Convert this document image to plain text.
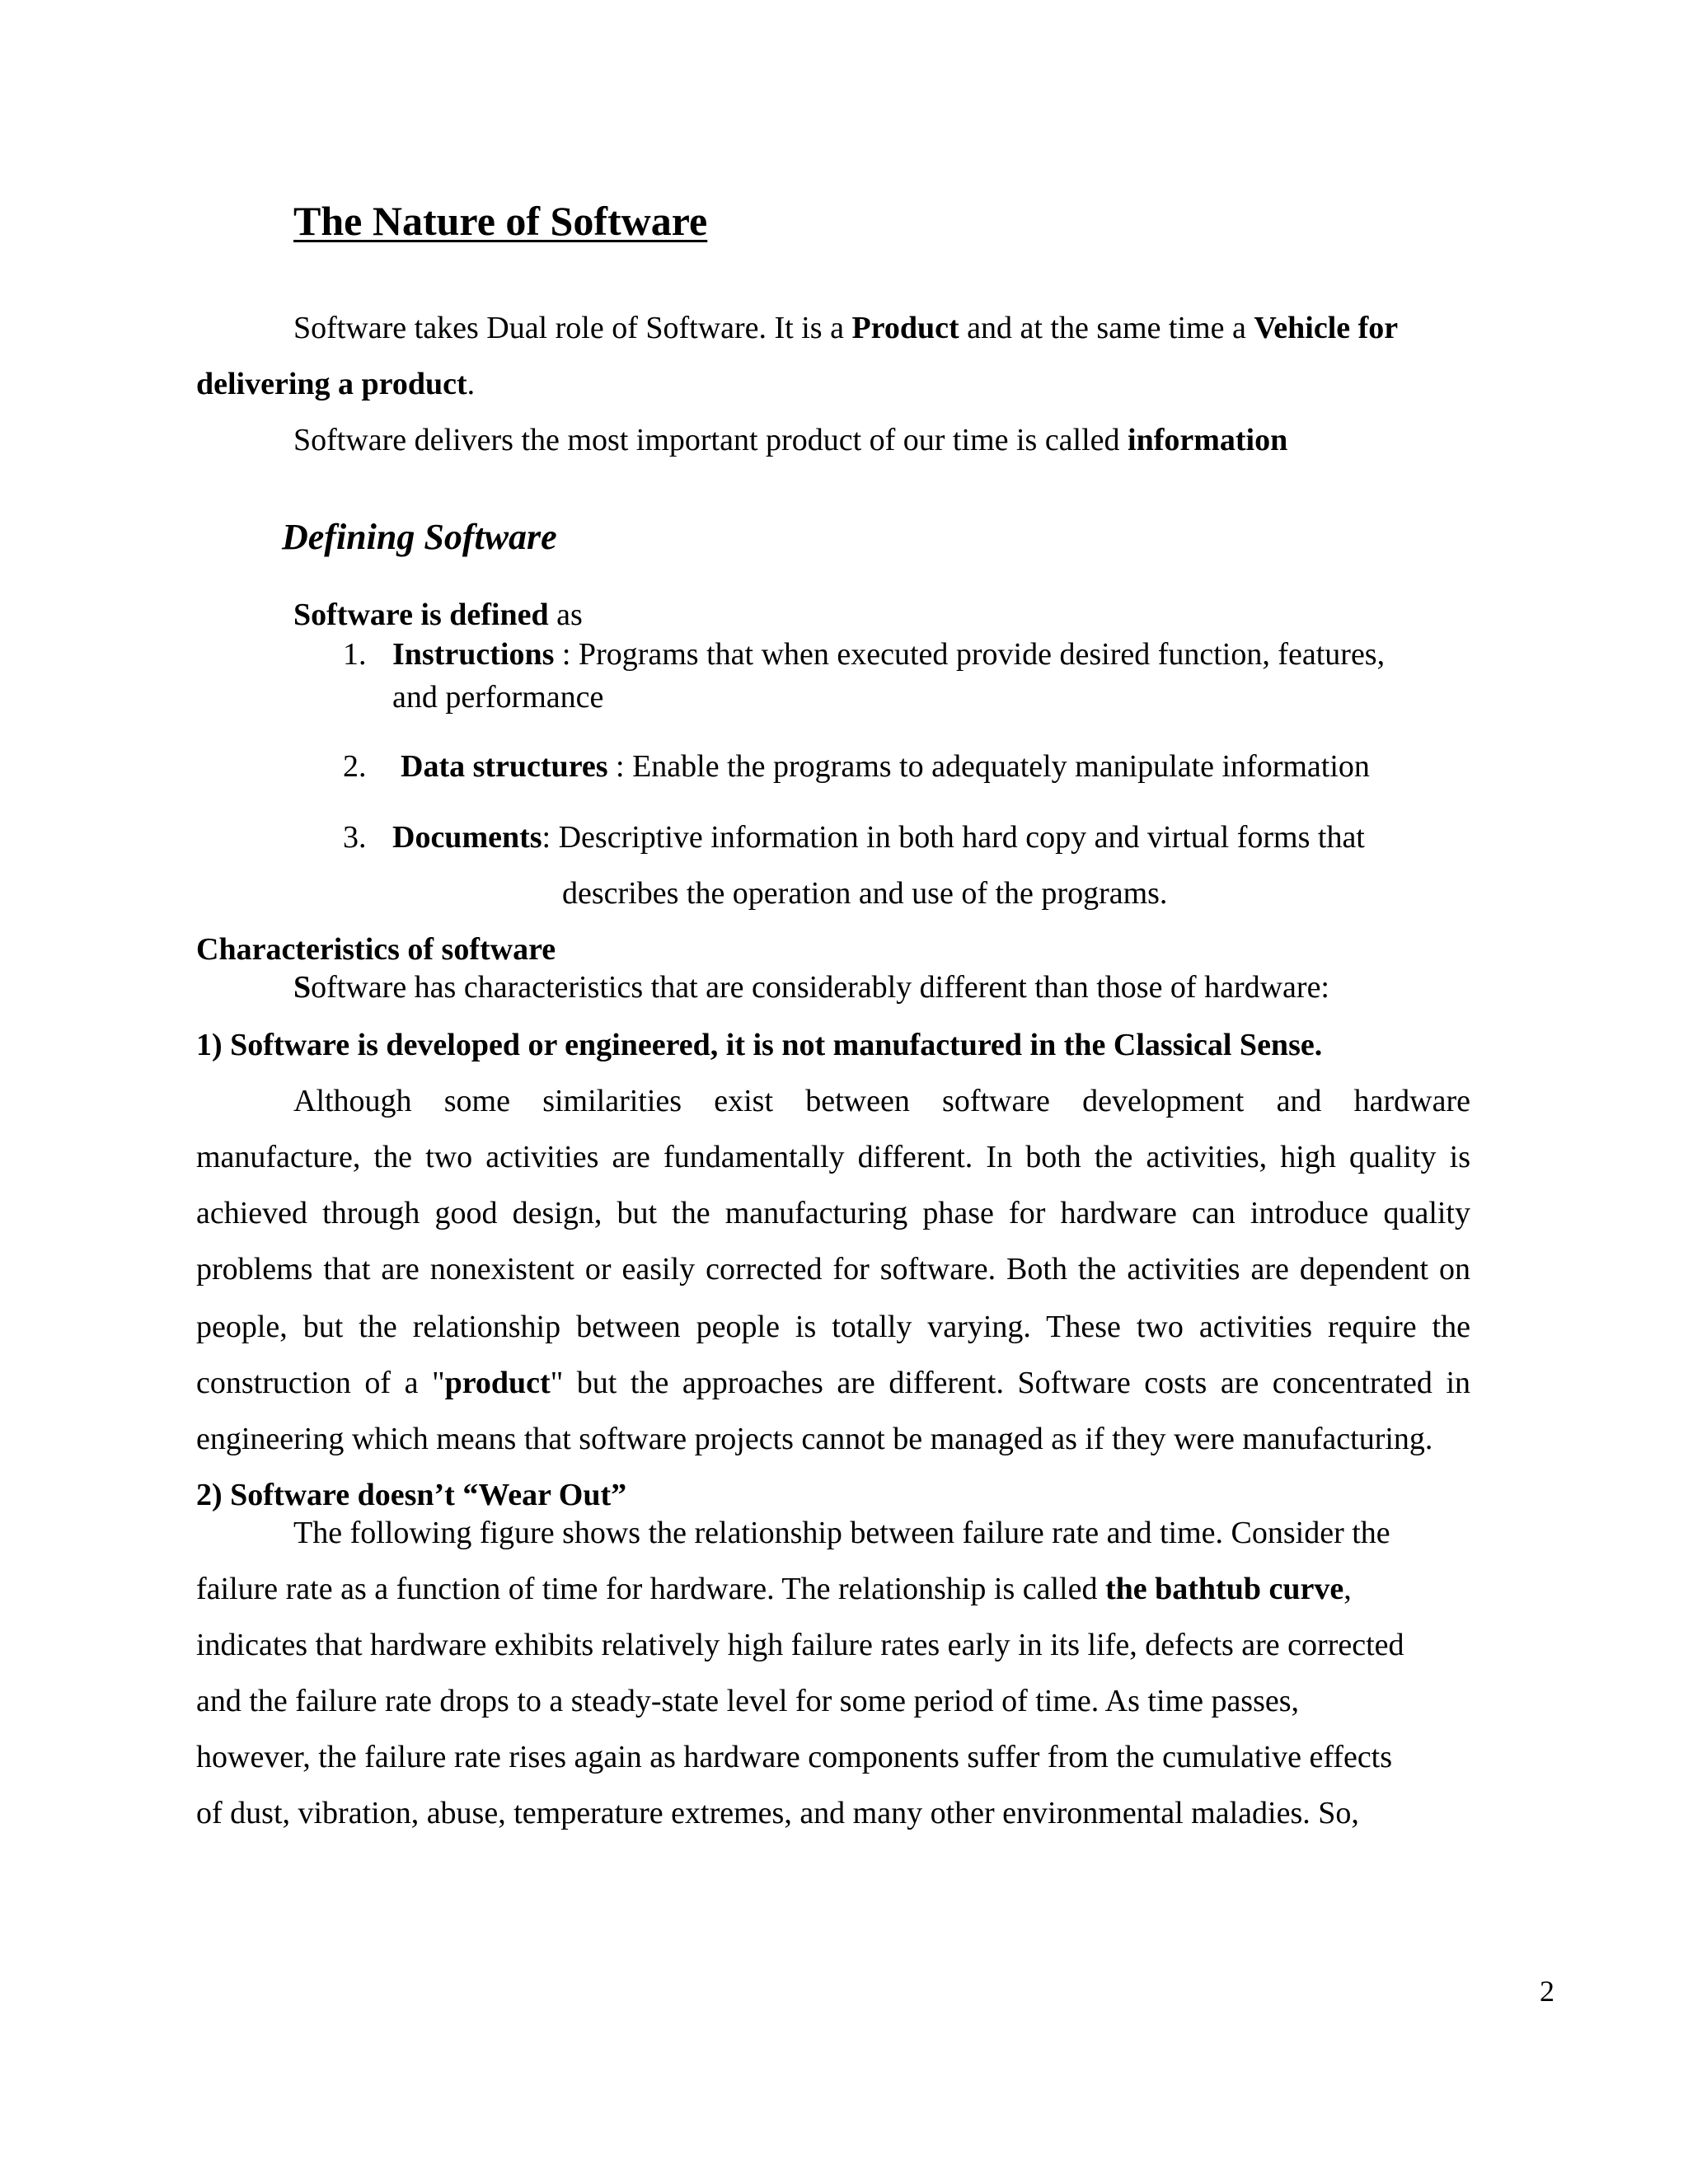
The Nature of Software
Software takes Dual role of Software. It is a Product and at the same time a Vehicle for
delivering a product.
Software delivers the most important product of our time is called information
Defining Software
Software is defined as
1. Instructions : Programs that when executed provide desired function, features,
and performance
2. Data structures : Enable the programs to adequately manipulate information
3. Documents: Descriptive information in both hard copy and virtual forms that
describes the operation and use of the programs.
Characteristics of software
Software has characteristics that are considerably different than those of hardware:
1) Software is developed or engineered, it is not manufactured in the Classical Sense.
Although some similarities exist between software development and hardware
manufacture, the two activities are fundamentally different. In both the activities, high quality is
achieved through good design, but the manufacturing phase for hardware can introduce quality
problems that are nonexistent or easily corrected for software. Both the activities are dependent on
people, but the relationship between people is totally varying. These two activities require the
construction of a "product" but the approaches are different. Software costs are concentrated in
engineering which means that software projects cannot be managed as if they were manufacturing.
2) Software doesn’t “Wear Out”
The following figure shows the relationship between failure rate and time. Consider the
failure rate as a function of time for hardware. The relationship is called the bathtub curve,
indicates that hardware exhibits relatively high failure rates early in its life, defects are corrected
and the failure rate drops to a steady-state level for some period of time. As time passes,
however, the failure rate rises again as hardware components suffer from the cumulative effects
of dust, vibration, abuse, temperature extremes, and many other environmental maladies. So,
2
